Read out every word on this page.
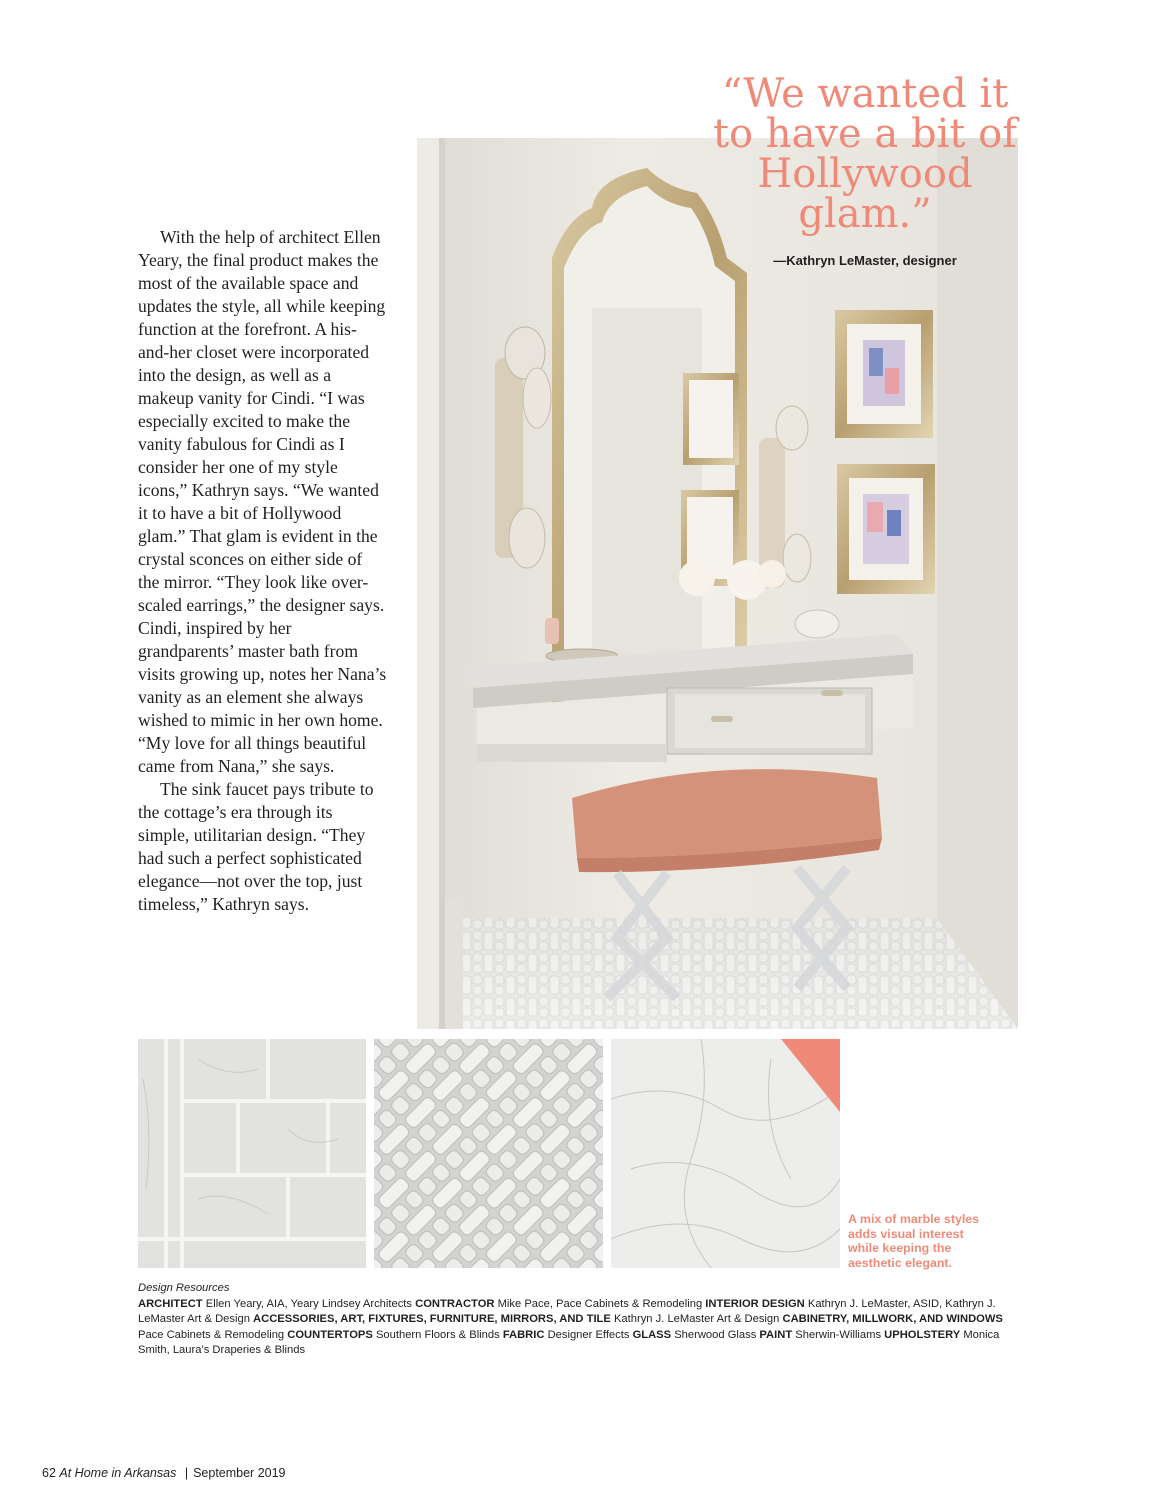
“We wanted it to have a bit of Hollywood glam.”
—Kathryn LeMaster, designer

With the help of architect Ellen Yeary, the final product makes the most of the available space and updates the style, all while keeping function at the forefront. A his-and-her closet were incorporated into the design, as well as a makeup vanity for Cindi. “I was especially excited to make the vanity fabulous for Cindi as I consider her one of my style icons,” Kathryn says. “We wanted it to have a bit of Hollywood glam.” That glam is evident in the crystal sconces on either side of the mirror. “They look like over-scaled earrings,” the designer says. Cindi, inspired by her grandparents’ master bath from visits growing up, notes her Nana’s vanity as an element she always wished to mimic in her own home. “My love for all things beautiful came from Nana,” she says.

The sink faucet pays tribute to the cottage’s era through its simple, utilitarian design. “They had such a perfect sophisticated elegance—not over the top, just timeless,” Kathryn says.

A mix of marble styles adds visual interest while keeping the aesthetic elegant.
Design Resources
ARCHITECT Ellen Yeary, AIA, Yeary Lindsey Architects CONTRACTOR Mike Pace, Pace Cabinets & Remodeling INTERIOR DESIGN Kathryn J. LeMaster, ASID, Kathryn J. LeMaster Art & Design ACCESSORIES, ART, FIXTURES, FURNITURE, MIRRORS, AND TILE Kathryn J. LeMaster Art & Design CABINETRY, MILLWORK, AND WINDOWS Pace Cabinets & Remodeling COUNTERTOPS Southern Floors & Blinds FABRIC Designer Effects GLASS Sherwood Glass PAINT Sherwin-Williams UPHOLSTERY Monica Smith, Laura’s Draperies & Blinds
62 At Home in Arkansas | September 2019
